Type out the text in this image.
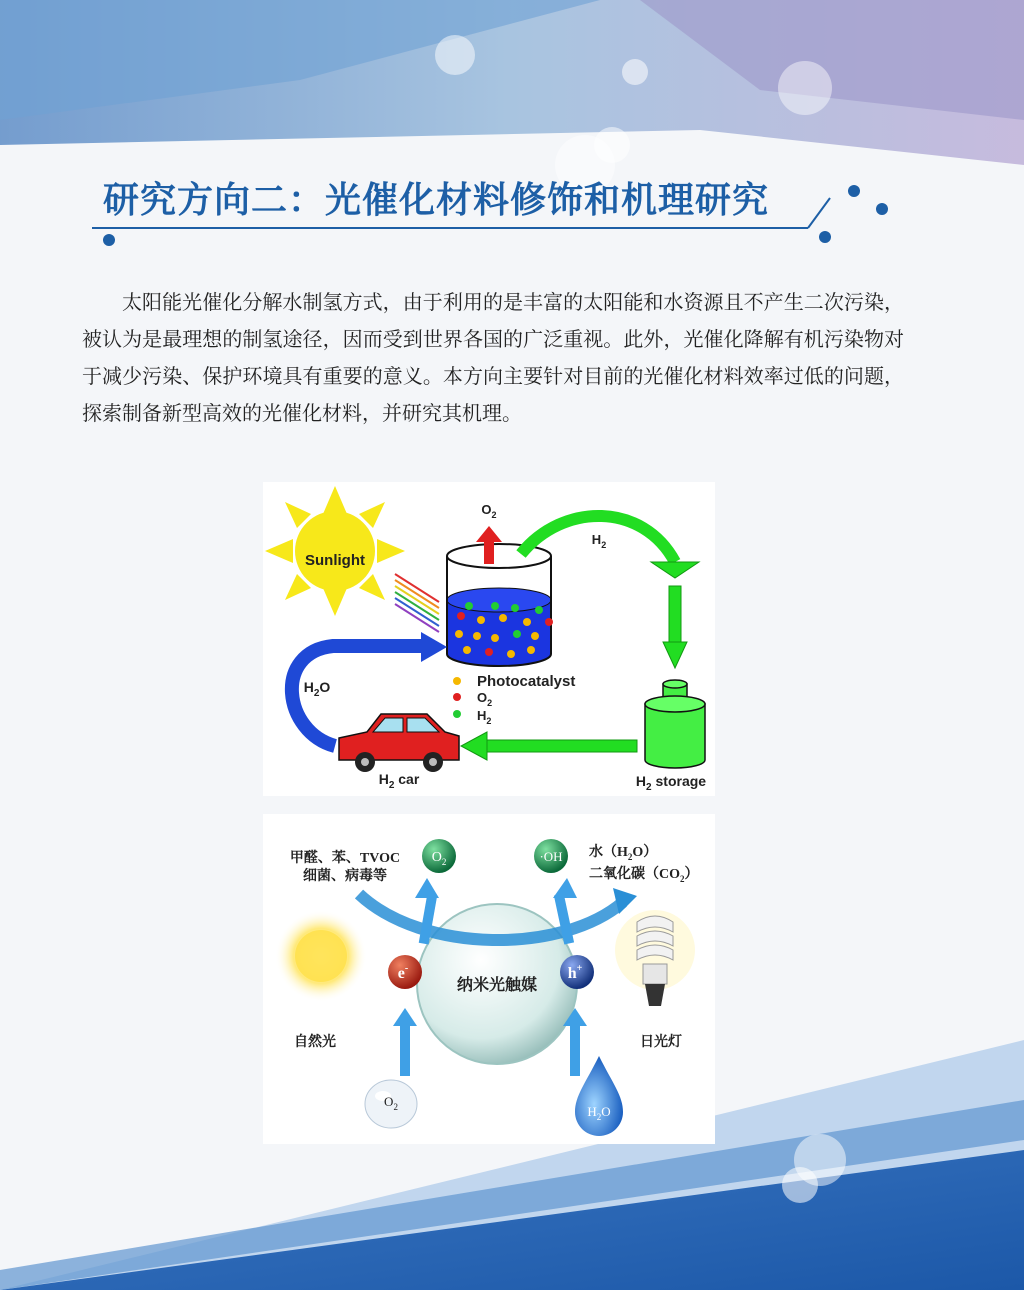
研究方向二：光催化材料修饰和机理研究

太阳能光催化分解水制氢方式，由于利用的是丰富的太阳能和水资源且不产生二次污染，被认为是最理想的制氢途径，因而受到世界各国的广泛重视。此外，光催化降解有机污染物对于减少污染、保护环境具有重要的意义。本方向主要针对目前的光催化材料效率过低的问题，探索制备新型高效的光催化材料，并研究其机理。

Sunlight
$O_2$
$H_2$
$H_2$ storage
$H_2$ car
$H_2O$	Photocatalyst
$O_2$
$H_2$
纳米光触媒
$O_2$	·OH
甲醛、苯、TVOC
细菌、病毒等
水$(H_2O)$
二氧化碳$(CO_2)$
e-	h+
自然光	日光灯
$O_2$	$H_2O$
